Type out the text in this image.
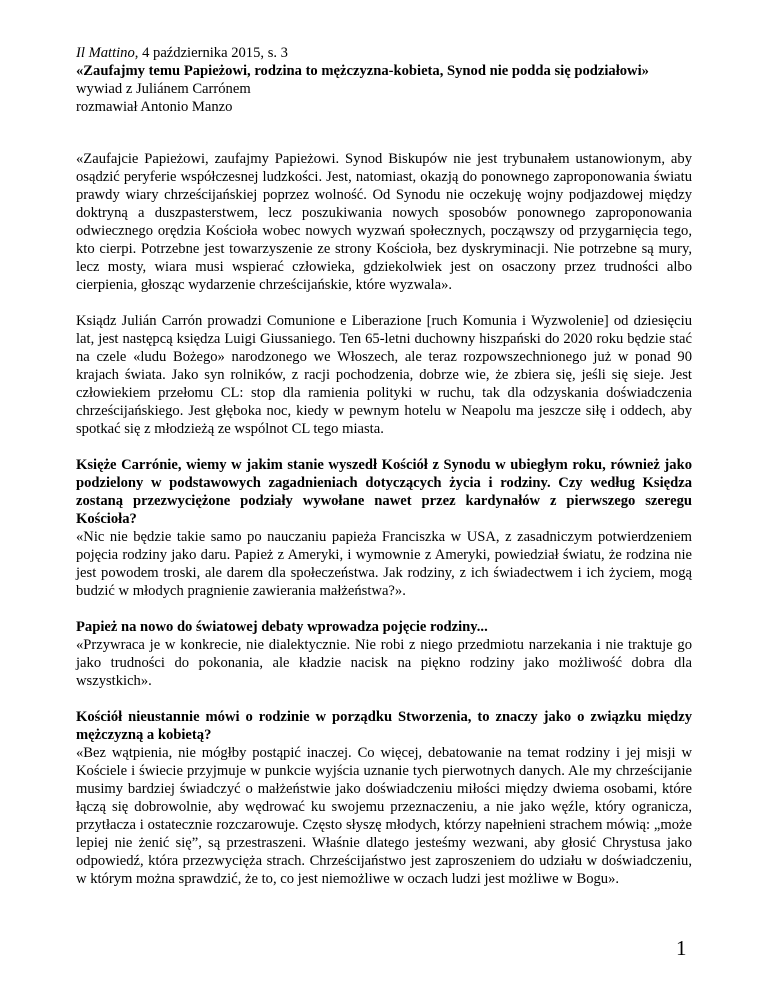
Il Mattino, 4 października 2015, s. 3

«Zaufajmy temu Papieżowi, rodzina to mężczyzna-kobieta, Synod nie podda się podziałowi»

wywiad z Juliánem Carrónem

rozmawiał Antonio Manzo

«Zaufajcie Papieżowi, zaufajmy Papieżowi. Synod Biskupów nie jest trybunałem ustanowionym, aby osądzić peryferie współczesnej ludzkości. Jest, natomiast, okazją do ponownego zaproponowania światu prawdy wiary chrześcijańskiej poprzez wolność. Od Synodu nie oczekuję wojny podjazdowej między doktryną a duszpasterstwem, lecz poszukiwania nowych sposobów ponownego zaproponowania odwiecznego orędzia Kościoła wobec nowych wyzwań społecznych, począwszy od przygarnięcia tego, kto cierpi. Potrzebne jest towarzyszenie ze strony Kościoła, bez dyskryminacji. Nie potrzebne są mury, lecz mosty, wiara musi wspierać człowieka, gdziekolwiek jest on osaczony przez trudności albo cierpienia, głosząc wydarzenie chrześcijańskie, które wyzwala».

Ksiądz Julián Carrón prowadzi Comunione e Liberazione [ruch Komunia i Wyzwolenie] od dziesięciu lat, jest następcą księdza Luigi Giussaniego. Ten 65-letni duchowny hiszpański do 2020 roku będzie stać na czele «ludu Bożego» narodzonego we Włoszech, ale teraz rozpowszechnionego już w ponad 90 krajach świata. Jako syn rolników, z racji pochodzenia, dobrze wie, że zbiera się, jeśli się sieje. Jest człowiekiem przełomu CL: stop dla ramienia polityki w ruchu, tak dla odzyskania doświadczenia chrześcijańskiego. Jest głęboka noc, kiedy w pewnym hotelu w Neapolu ma jeszcze siłę i oddech, aby spotkać się z młodzieżą ze wspólnot CL tego miasta.

Księże Carrónie, wiemy w jakim stanie wyszedł Kościół z Synodu w ubiegłym roku, również jako podzielony w podstawowych zagadnieniach dotyczących życia i rodziny. Czy według Księdza zostaną przezwyciężone podziały wywołane nawet przez kardynałów z pierwszego szeregu Kościoła?

«Nic nie będzie takie samo po nauczaniu papieża Franciszka w USA, z zasadniczym potwierdzeniem pojęcia rodziny jako daru. Papież z Ameryki, i wymownie z Ameryki, powiedział światu, że rodzina nie jest powodem troski, ale darem dla społeczeństwa. Jak rodziny, z ich świadectwem i ich życiem, mogą budzić w młodych pragnienie zawierania małżeństwa?».

Papież na nowo do światowej debaty wprowadza pojęcie rodziny...

«Przywraca je w konkrecie, nie dialektycznie. Nie robi z niego przedmiotu narzekania i nie traktuje go jako trudności do pokonania, ale kładzie nacisk na piękno rodziny jako możliwość dobra dla wszystkich».

Kościół nieustannie mówi o rodzinie w porządku Stworzenia, to znaczy jako o związku między mężczyzną a kobietą?

«Bez wątpienia, nie mógłby postąpić inaczej. Co więcej, debatowanie na temat rodziny i jej misji w Kościele i świecie przyjmuje w punkcie wyjścia uznanie tych pierwotnych danych. Ale my chrześcijanie musimy bardziej świadczyć o małżeństwie jako doświadczeniu miłości między dwiema osobami, które łączą się dobrowolnie, aby wędrować ku swojemu przeznaczeniu, a nie jako węźle, który ogranicza, przytłacza i ostatecznie rozczarowuje. Często słyszę młodych, którzy napełnieni strachem mówią: „może lepiej nie żenić się”, są przestraszeni. Właśnie dlatego jesteśmy wezwani, aby głosić Chrystusa jako odpowiedź, która przezwycięża strach. Chrześcijaństwo jest zaproszeniem do udziału w doświadczeniu, w którym można sprawdzić, że to, co jest niemożliwe w oczach ludzi jest możliwe w Bogu».

1
